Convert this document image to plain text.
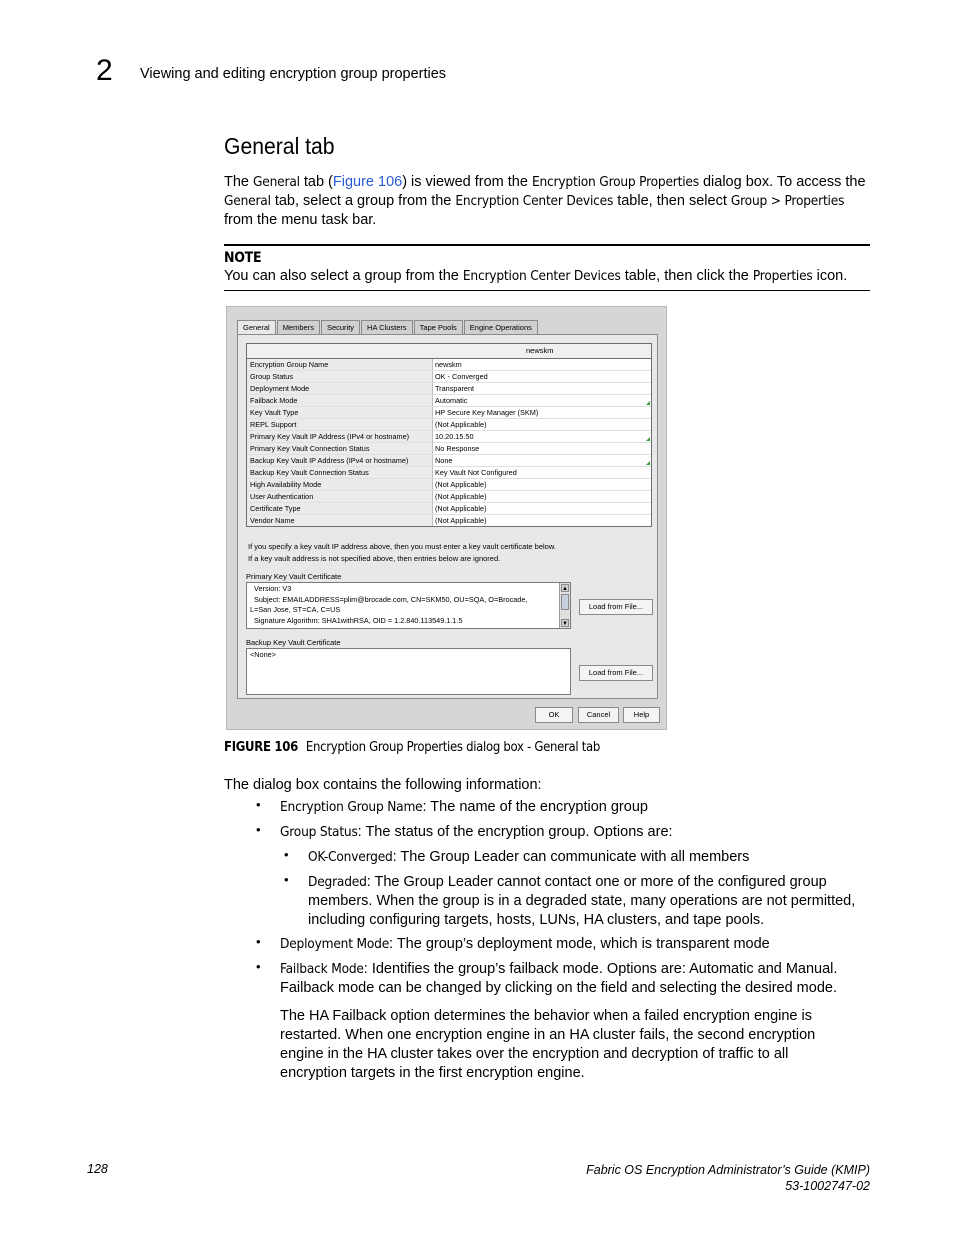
2 Viewing and editing encryption group properties
General tab
The General tab (Figure 106) is viewed from the Encryption Group Properties dialog box. To access the General tab, select a group from the Encryption Center Devices table, then select Group > Properties from the menu task bar.
NOTE
You can also select a group from the Encryption Center Devices table, then click the Properties icon.
General	Members	Security	HA Clusters	Tape Pools	Engine Operations
newskm
Encryption Group Name	newskm
Group Status	OK - Converged
Deployment Mode	Transparent
Failback Mode	Automatic
Key Vault Type	HP Secure Key Manager (SKM)
REPL Support	(Not Applicable)
Primary Key Vault IP Address (IPv4 or hostname)	10.20.15.50
Primary Key Vault Connection Status	No Response
Backup Key Vault IP Address (IPv4 or hostname)	None
Backup Key Vault Connection Status	Key Vault Not Configured
High Availability Mode	(Not Applicable)
User Authentication	(Not Applicable)
Certificate Type	(Not Applicable)
Vendor Name	(Not Applicable)
If you specify a key vault IP address above, then you must enter a key vault certificate below.
If a key vault address is not specified above, then entries below are ignored.
Primary Key Vault Certificate
Version: V3
Subject: EMAILADDRESS=plim@brocade.com, CN=SKM50, OU=SQA, O=Brocade,
L=San Jose, ST=CA, C=US
Signature Algorithm: SHA1withRSA, OID = 1.2.840.113549.1.1.5
▲
▼
Load from File...
Backup Key Vault Certificate
<None>
Load from File...
OK	Cancel	Help
FIGURE 106 Encryption Group Properties dialog box - General tab
The dialog box contains the following information:
• Encryption Group Name: The name of the encryption group
• Group Status: The status of the encryption group. Options are:
• OK-Converged: The Group Leader can communicate with all members
• Degraded: The Group Leader cannot contact one or more of the configured group members. When the group is in a degraded state, many operations are not permitted, including configuring targets, hosts, LUNs, HA clusters, and tape pools.
• Deployment Mode: The group’s deployment mode, which is transparent mode
• Failback Mode: Identifies the group’s failback mode. Options are: Automatic and Manual. Failback mode can be changed by clicking on the field and selecting the desired mode.
The HA Failback option determines the behavior when a failed encryption engine is restarted. When one encryption engine in an HA cluster fails, the second encryption engine in the HA cluster takes over the encryption and decryption of traffic to all encryption targets in the first encryption engine.
128	Fabric OS Encryption Administrator’s Guide (KMIP)
53-1002747-02
